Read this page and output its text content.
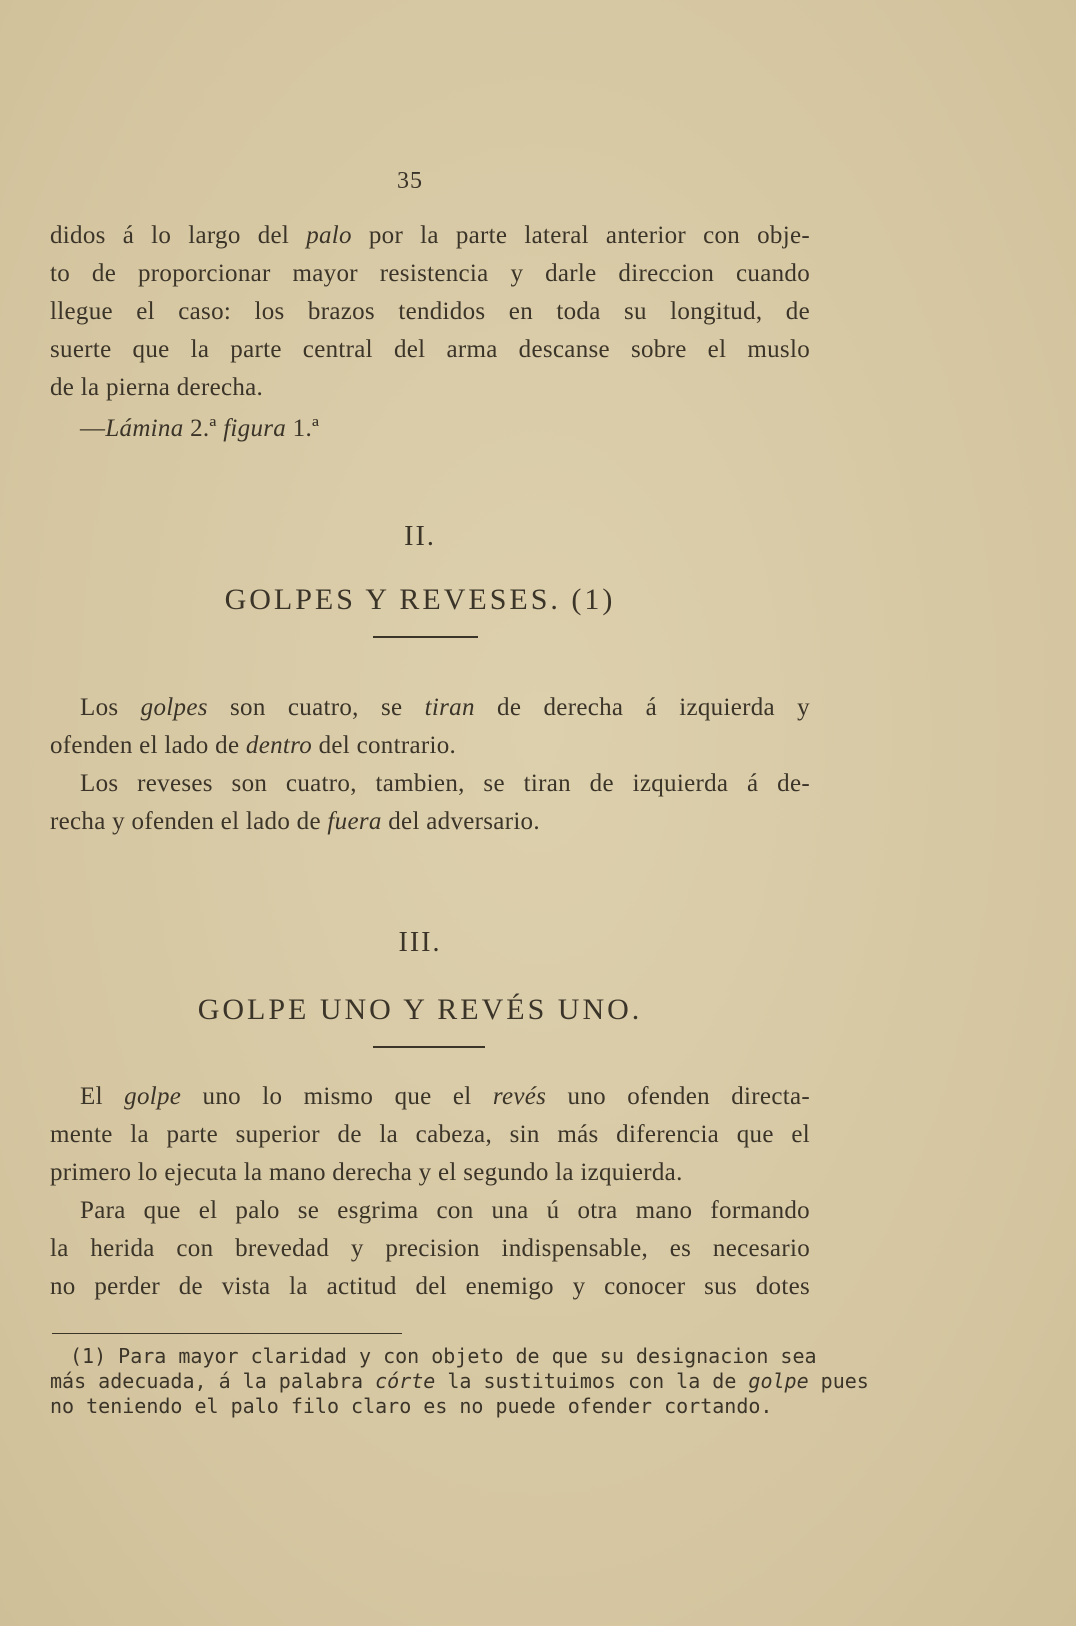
35
didos á lo largo del palo por la parte lateral anterior con obje-
to de proporcionar mayor resistencia y darle direccion cuando
llegue el caso: los brazos tendidos en toda su longitud, de
suerte que la parte central del arma descanse sobre el muslo
de la pierna derecha.
—Lámina 2.ª figura 1.ª
II.
GOLPES Y REVESES. (1)
Los golpes son cuatro, se tiran de derecha á izquierda y
ofenden el lado de dentro del contrario.
Los reveses son cuatro, tambien, se tiran de izquierda á de-
recha y ofenden el lado de fuera del adversario.
III.
GOLPE UNO Y REVÉS UNO.
El golpe uno lo mismo que el revés uno ofenden directa-
mente la parte superior de la cabeza, sin más diferencia que el
primero lo ejecuta la mano derecha y el segundo la izquierda.
Para que el palo se esgrima con una ú otra mano formando
la herida con brevedad y precision indispensable, es necesario
no perder de vista la actitud del enemigo y conocer sus dotes
(1) Para mayor claridad y con objeto de que su designacion sea
más adecuada, á la palabra córte la sustituimos con la de golpe pues
no teniendo el palo filo claro es no puede ofender cortando.
